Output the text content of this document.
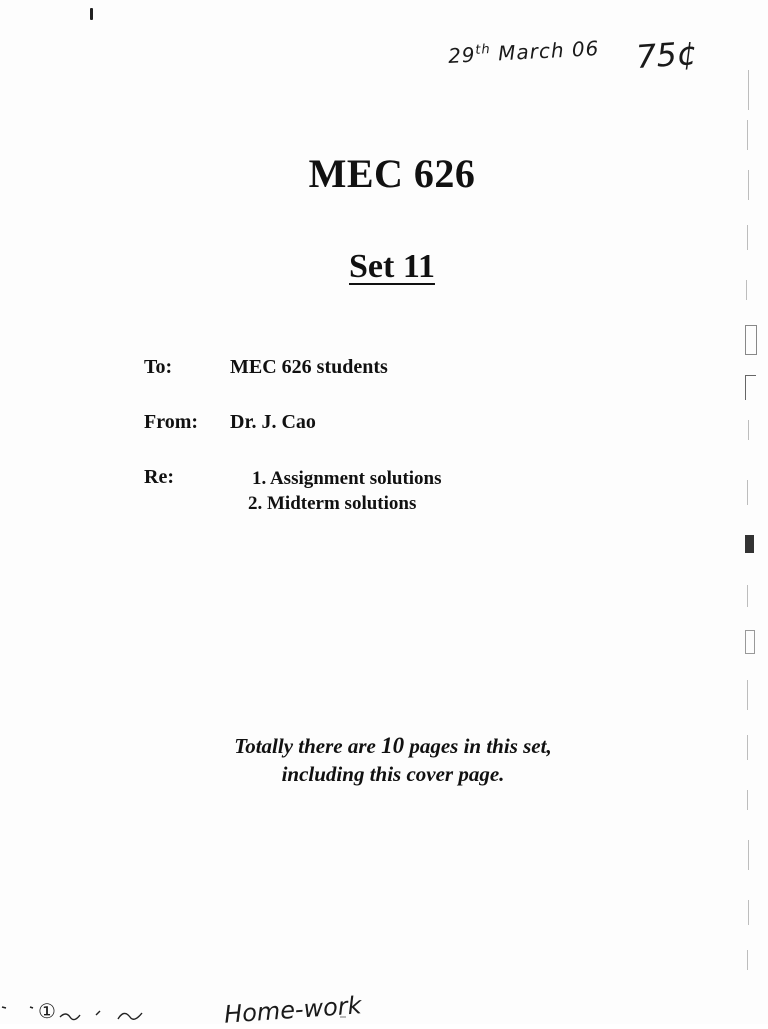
29th March 06 75¢
MEC 626
Set 11
To:	MEC 626 students
From: Dr. J. Cao
Re:	1. Assignment solutions
2. Midterm solutions
Totally there are 10 pages in this set,
including this cover page.
①	Home-work
